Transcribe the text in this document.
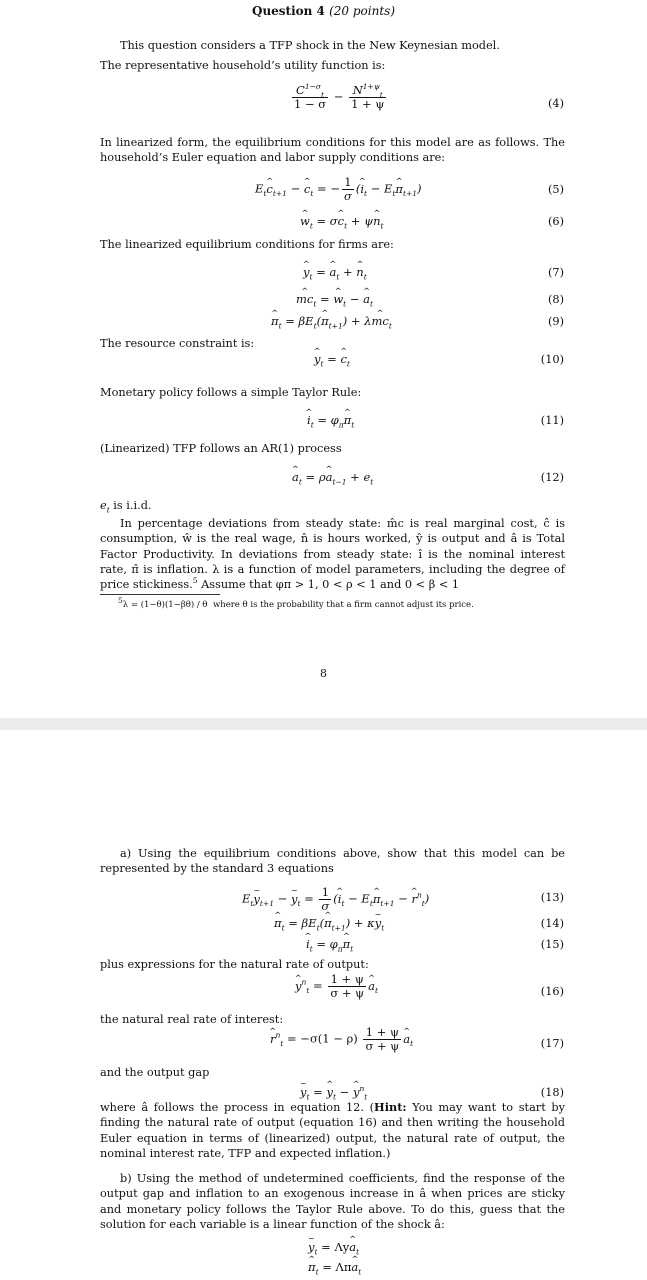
Question 4 (20 points)
This question considers a TFP shock in the New Keynesian model.
The representative household’s utility function is:
$\frac{C^{1-\sigma}_t}{1 - \sigma} - \frac{N^{1+\psi}_t}{1 + \psi}$	(4)
In linearized form, the equilibrium conditions for this model are as follows. The household’s Euler equation and labor supply conditions are:
$E_t\^{}$ $c_{t+1}$ − ^ $c_t$ = − $\frac{1}{\sigma}$ (^ $i_t$ − $E_t\^{}$ $\pi_{t+1}$)	(5)
^ $w_t$ = σ^ $c_t$ + ψ^ $n_t$	(6)
The linearized equilibrium conditions for firms are:
^ $y_t$ = ^ $a_t$ + ^ $n_t$	(7)
^ $mc_t$ = ^ $w_t$ − ^ $a_t$	(8)
^ $\pi_t$ = $\beta E_t(\^{}$ $\pi_{t+1}$) + λ^ $mc_t$	(9)
The resource constraint is:
^ $y_t$ = ^ $c_t$	(10)
Monetary policy follows a simple Taylor Rule:
^ $i_t$ = $\varphi_\pi\^{}$ $\pi_t$	(11)
(Linearized) TFP follows an AR(1) process
^ $a_t$ = ρ^ $a_{t-1} + e_t$	(12)
$e_t$ is i.i.d.
In percentage deviations from steady state: m̂c is real marginal cost, ĉ is consumption, ŵ is the real wage, n̂ is hours worked, ŷ is output and â is Total Factor Productivity. In deviations from steady state: î is the nominal interest rate, π̂ is inflation. λ is a function of model parameters, including the degree of price stickiness.$^5$ Assume that φπ > 1, 0 < ρ < 1 and 0 < β < 1
$^5$λ = (1−θ)(1−βθ) / θ where θ is the probability that a firm cannot adjust its price.
8
a) Using the equilibrium conditions above, show that this model can be represented by the standard 3 equations
$E_t\sim$ $y_{t+1}$ − ~ $y_t = \frac{1}{\sigma}$ (^ $i_t$ − $E_t\^{}$ $\pi_{t+1}$ − ^ $r^n_t$)	(13)
^ $\pi_t$ = $\beta E_t(\^{}$ $\pi_{t+1}$) + κ~ $y_t$	(14)
^ $i_t$ = $\varphi_\pi\^{}$ $\pi_t$	(15)
plus expressions for the natural rate of output:
^ $y^n_t = \frac{1 + \psi}{\sigma + \psi}$ ^ $a_t$	(16)
the natural real rate of interest:
^ $r^n_t = -\sigma(1 - \rho) \frac{1 + \psi}{\sigma + \psi}$ ^ $a_t$	(17)
and the output gap
~ $y_t$ = ^ $y_t$ − ^ $y^n_t$	(18)
where â follows the process in equation 12. (Hint: You may want to start by finding the natural rate of output (equation 16) and then writing the household Euler equation in terms of (linearized) output, the natural rate of output, the nominal interest rate, TFP and expected inflation.)
b) Using the method of undetermined coefficients, find the response of the output gap and inflation to an exogenous increase in â when prices are sticky and monetary policy follows the Taylor Rule above. To do this, guess that the solution for each variable is a linear function of the shock â:
~ $y_t$ = Λy^ $a_t$
^ $\pi_t$ = Λπ^ $a_t$
